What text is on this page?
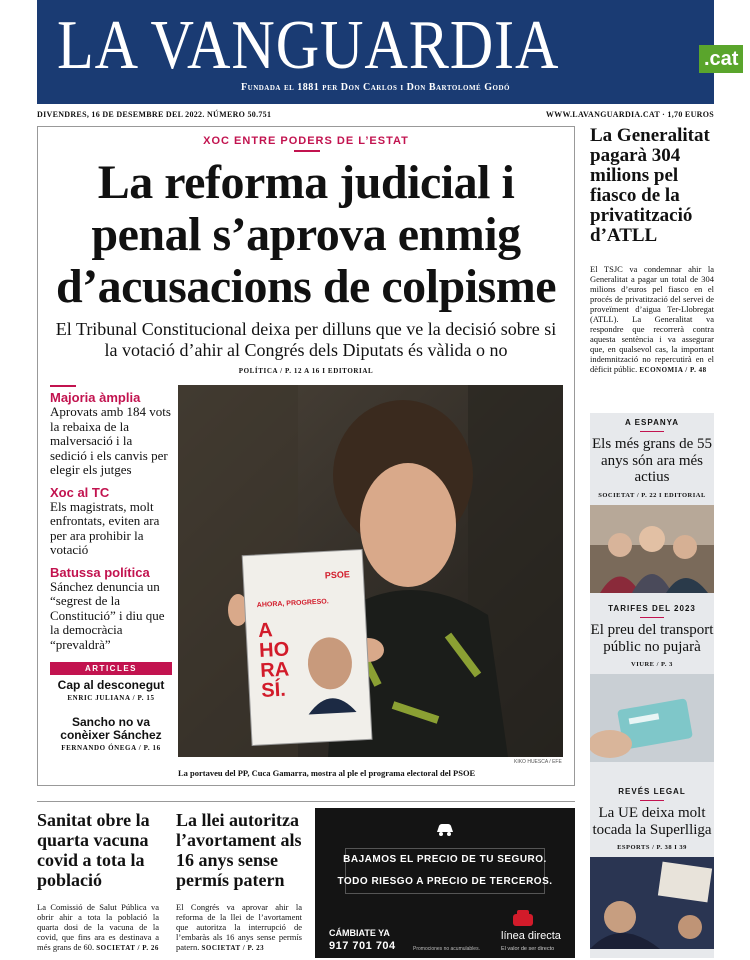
LA VANGUARDIA	.cat
Fundada el 1881 per Don Carlos i Don Bartolomé Godó
DIVENDRES, 16 DE DESEMBRE DEL 2022. NÚMERO 50.751	WWW.LAVANGUARDIA.CAT · 1,70 EUROS
XOC ENTRE PODERS DE L’ESTAT
La reforma judicial i
penal s’aprova enmig
d’acusacions de colpisme
El Tribunal Constitucional deixa per dilluns que ve la decisió sobre si la votació d’ahir al Congrés dels Diputats és vàlida o no
POLÍTICA / P. 12 A 16 I EDITORIAL
Majoria àmplia
Aprovats amb 184 vots la rebaixa de la malversació i la sedició i els canvis per elegir els jutges
Xoc al TC
Els magistrats, molt enfrontats, eviten ara per ara prohibir la votació
Batussa política
Sánchez denuncia un “segrest de la Constitució” i diu que la democràcia “prevaldrà”
ARTICLES
Cap al desconegut
ENRIC JULIANA / P. 15
Sancho no va conèixer Sánchez
FERNANDO ÓNEGA / P. 16
PSOE
AHORA, PROGRESO.
A
HO
RA
SÍ.
KIKO HUESCA / EFE
La portaveu del PP, Cuca Gamarra, mostra al ple el programa electoral del PSOE
La Generalitat pagarà 304 milions pel fiasco de la privatització d’ATLL
El TSJC va condemnar ahir la Generalitat a pagar un total de 304 milions d’euros pel fiasco en el procés de privatització del servei de proveïment d’aigua Ter-Llobregat (ATLL). La Generalitat va respondre que recorrerà contra aquesta sentència i va assegurar que, en qualsevol cas, la important indemnització no repercutirà en el dèficit públic. ECONOMIA / P. 48
A ESPANYA
Els més grans de 55 anys són ara més actius
SOCIETAT / P. 22 I EDITORIAL
TARIFES DEL 2023
El preu del transport públic no pujarà
VIURE / P. 3
REVÉS LEGAL
La UE deixa molt tocada la Superlliga
ESPORTS / P. 38 I 39
Sanitat obre la quarta vacuna covid a tota la població
La Comissió de Salut Pública va obrir ahir a tota la població la quarta dosi de la vacuna de la covid, que fins ara es destinava a més grans de 60. SOCIETAT / P. 26
La llei autoritza l’avortament als 16 anys sense permís patern
El Congrés va aprovar ahir la reforma de la llei de l’avortament que autoritza la interrupció de l’embaràs als 16 anys sense permís patern. SOCIETAT / P. 23
BAJAMOS EL PRECIO DE TU SEGURO.
TODO RIESGO A PRECIO DE TERCEROS.
CÁMBIATE YA
917 701 704	Promociones no acumulables.
línea directa
El valor de ser directo
